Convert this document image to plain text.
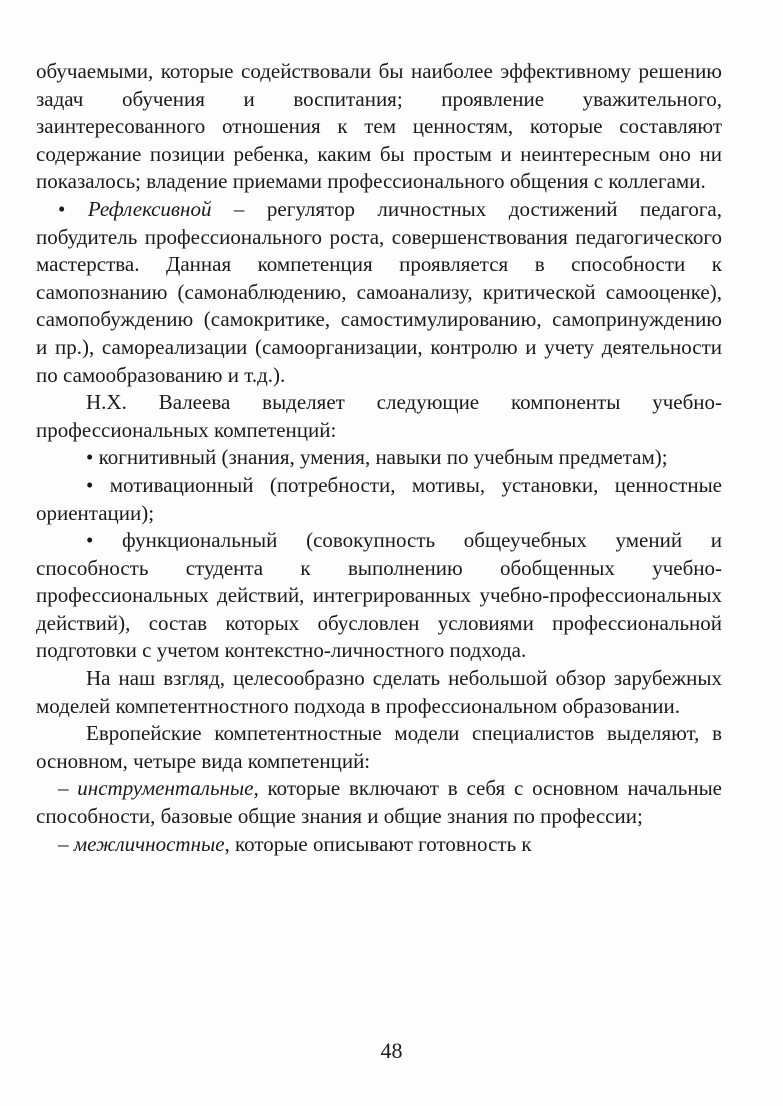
обучаемыми, которые содействовали бы наиболее эффективному решению задач обучения и воспитания; проявление уважительного, заинтересованного отношения к тем ценностям, которые составляют содержание позиции ребенка, каким бы простым и неинтересным оно ни показалось; владение приемами профессионального общения с коллегами.

• Рефлексивной – регулятор личностных достижений педагога, побудитель профессионального роста, совершенствования педагогического мастерства. Данная компетенция проявляется в способности к самопознанию (самонаблюдению, самоанализу, критической самооценке), самопобуждению (самокритике, самостимулированию, самопринуждению и пр.), самореализации (самоорганизации, контролю и учету деятельности по самообразованию и т.д.).

Н.Х. Валеева выделяет следующие компоненты учебно-профессиональных компетенций:

• когнитивный (знания, умения, навыки по учебным предметам);

• мотивационный (потребности, мотивы, установки, ценностные ориентации);

• функциональный (совокупность общеучебных умений и способность студента к выполнению обобщенных учебно-профессиональных действий, интегрированных учебно-профессиональных действий), состав которых обусловлен условиями профессиональной подготовки с учетом контекстно-личностного подхода.

На наш взгляд, целесообразно сделать небольшой обзор зарубежных моделей компетентностного подхода в профессиональном образовании.

Европейские компетентностные модели специалистов выделяют, в основном, четыре вида компетенций:

– инструментальные, которые включают в себя с основном начальные способности, базовые общие знания и общие знания по профессии;

– межличностные, которые описывают готовность к

48
